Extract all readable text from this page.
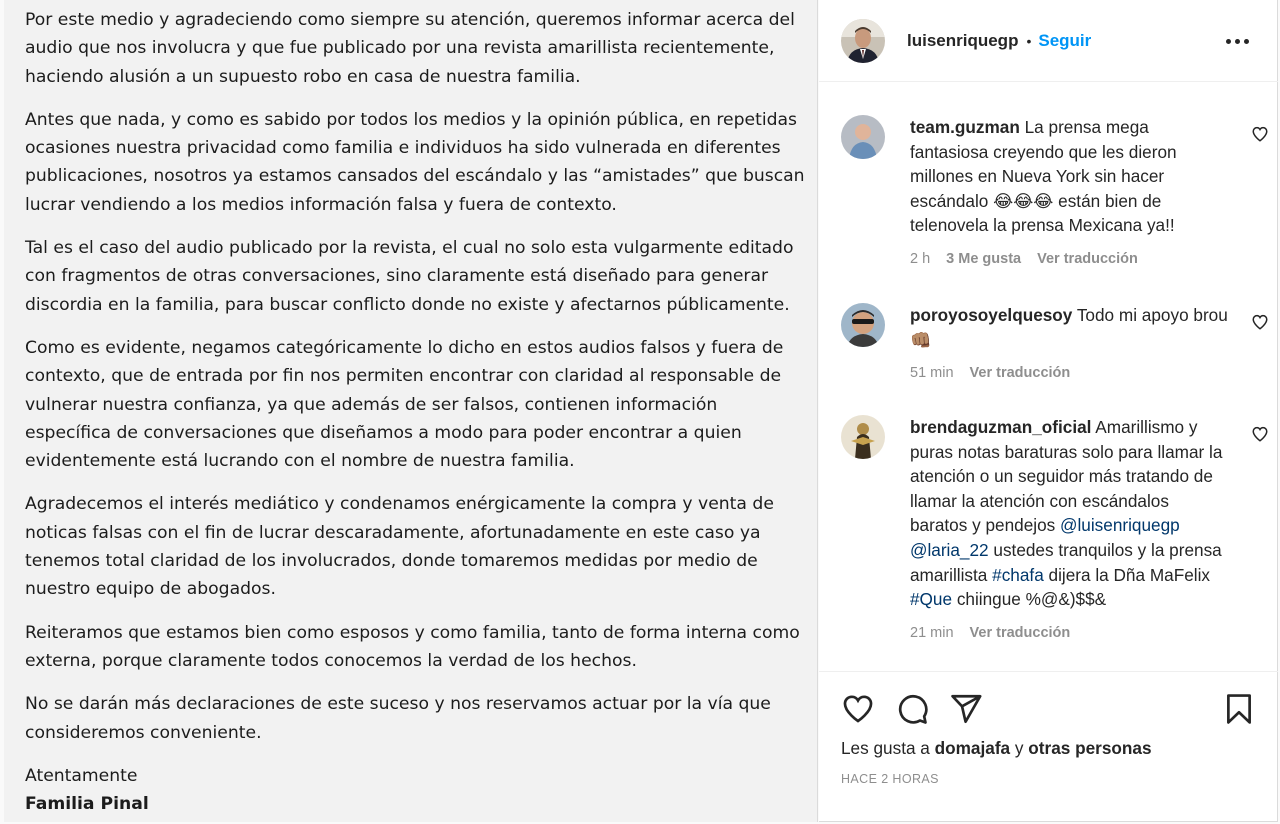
Por este medio y agradeciendo como siempre su atención, queremos informar acerca del audio que nos involucra y que fue publicado por una revista amarillista recientemente, haciendo alusión a un supuesto robo en casa de nuestra familia.

Antes que nada, y como es sabido por todos los medios y la opinión pública, en repetidas ocasiones nuestra privacidad como familia e individuos ha sido vulnerada en diferentes publicaciones, nosotros ya estamos cansados del escándalo y las “amistades” que buscan lucrar vendiendo a los medios información falsa y fuera de contexto.

Tal es el caso del audio publicado por la revista, el cual no solo esta vulgarmente editado con fragmentos de otras conversaciones, sino claramente está diseñado para generar discordia en la familia, para buscar conflicto donde no existe y afectarnos públicamente.

Como es evidente, negamos categóricamente lo dicho en estos audios falsos y fuera de contexto, que de entrada por fin nos permiten encontrar con claridad al responsable de vulnerar nuestra confianza, ya que además de ser falsos, contienen información específica de conversaciones que diseñamos a modo para poder encontrar a quien evidentemente está lucrando con el nombre de nuestra familia.

Agradecemos el interés mediático y condenamos enérgicamente la compra y venta de noticas falsas con el fin de lucrar descaradamente, afortunadamente en este caso ya tenemos total claridad de los involucrados, donde tomaremos medidas por medio de nuestro equipo de abogados.

Reiteramos que estamos bien como esposos y como familia, tanto de forma interna como externa, porque claramente todos conocemos la verdad de los hechos.

No se darán más declaraciones de este suceso y nos reservamos actuar por la vía que consideremos conveniente.

Atentamente
Familia Pinal
luisenriquegp • Seguir
team.guzman La prensa mega fantasiosa creyendo que les dieron millones en Nueva York sin hacer escándalo 😂😂😂 están bien de telenovela la prensa Mexicana ya!!
2 h 3 Me gusta Ver traducción
poroyosoyelquesoy Todo mi apoyo brou 👊🏽
51 min Ver traducción
brendaguzman_oficial Amarillismo y puras notas baraturas solo para llamar la atención o un seguidor más tratando de llamar la atención con escándalos baratos y pendejos @luisenriquegp @laria_22 ustedes tranquilos y la prensa amarillista #chafa dijera la Dña MaFelix #Que chiingue %@&)$$&
21 min Ver traducción
Les gusta a domajafa y otras personas
HACE 2 HORAS
